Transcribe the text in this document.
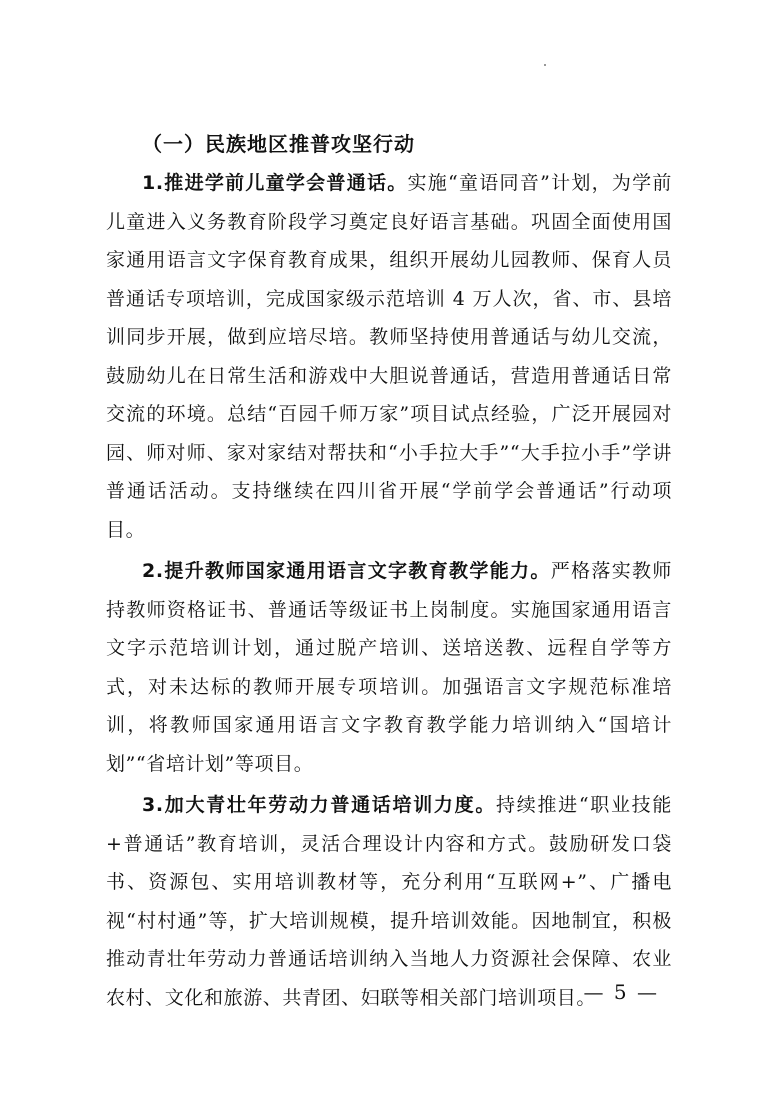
（一）民族地区推普攻坚行动

1.推进学前儿童学会普通话。实施“童语同音”计划，为学前儿童进入义务教育阶段学习奠定良好语言基础。巩固全面使用国家通用语言文字保育教育成果，组织开展幼儿园教师、保育人员普通话专项培训，完成国家级示范培训 4 万人次，省、市、县培训同步开展，做到应培尽培。教师坚持使用普通话与幼儿交流，鼓励幼儿在日常生活和游戏中大胆说普通话，营造用普通话日常交流的环境。总结“百园千师万家”项目试点经验，广泛开展园对园、师对师、家对家结对帮扶和“小手拉大手”“大手拉小手”学讲普通话活动。支持继续在四川省开展“学前学会普通话”行动项目。

2.提升教师国家通用语言文字教育教学能力。严格落实教师持教师资格证书、普通话等级证书上岗制度。实施国家通用语言文字示范培训计划，通过脱产培训、送培送教、远程自学等方式，对未达标的教师开展专项培训。加强语言文字规范标准培训，将教师国家通用语言文字教育教学能力培训纳入“国培计划”“省培计划”等项目。

3.加大青壮年劳动力普通话培训力度。持续推进“职业技能+普通话”教育培训，灵活合理设计内容和方式。鼓励研发口袋书、资源包、实用培训教材等，充分利用“互联网+”、广播电视“村村通”等，扩大培训规模，提升培训效能。因地制宜，积极推动青壮年劳动力普通话培训纳入当地人力资源社会保障、农业农村、文化和旅游、共青团、妇联等相关部门培训项目。

— 5 —
